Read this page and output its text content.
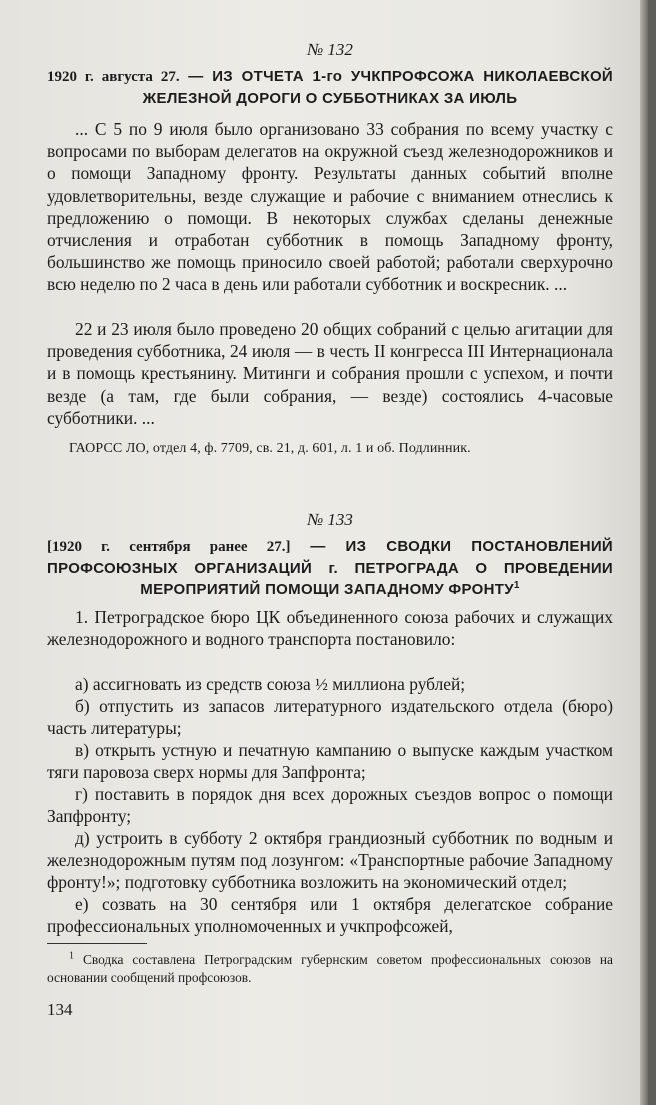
№ 132
1920 г. августа 27. — ИЗ ОТЧЕТА 1-го УЧКПРОФСОЖА НИКОЛАЕВСКОЙ ЖЕЛЕЗНОЙ ДОРОГИ О СУББОТНИКАХ ЗА ИЮЛЬ
... С 5 по 9 июля было организовано 33 собрания по всему участку с вопросами по выборам делегатов на окружной съезд железнодорожников и о помощи Западному фронту. Результаты данных событий вполне удовлетворительны, везде служащие и рабочие с вниманием отнеслись к предложению о помощи. В некоторых службах сделаны денежные отчисления и отработан субботник в помощь Западному фронту, большинство же помощь приносило своей работой; работали сверхурочно всю неделю по 2 часа в день или работали субботник и воскресник. ...
22 и 23 июля было проведено 20 общих собраний с целью агитации для проведения субботника, 24 июля — в честь II конгресса III Интернационала и в помощь крестьянину. Митинги и собрания прошли с успехом, и почти везде (а там, где были собрания, — везде) состоялись 4-часовые субботники. ...
ГАОРСС ЛО, отдел 4, ф. 7709, св. 21, д. 601, л. 1 и об. Подлинник.
№ 133
[1920 г. сентября ранее 27.] — ИЗ СВОДКИ ПОСТАНОВЛЕНИЙ ПРОФСОЮЗНЫХ ОРГАНИЗАЦИЙ г. ПЕТРОГРАДА О ПРОВЕДЕНИИ МЕРОПРИЯТИЙ ПОМОЩИ ЗАПАДНОМУ ФРОНТУ$^1$
1. Петроградское бюро ЦК объединенного союза рабочих и служащих железнодорожного и водного транспорта постановило:
а) ассигновать из средств союза ½ миллиона рублей;
б) отпустить из запасов литературного издательского отдела (бюро) часть литературы;
в) открыть устную и печатную кампанию о выпуске каждым участком тяги паровоза сверх нормы для Запфронта;
г) поставить в порядок дня всех дорожных съездов вопрос о помощи Запфронту;
д) устроить в субботу 2 октября грандиозный субботник по водным и железнодорожным путям под лозунгом: «Транспортные рабочие Западному фронту!»; подготовку субботника возложить на экономический отдел;
е) созвать на 30 сентября или 1 октября делегатское собрание профессиональных уполномоченных и учкпрофсожей,
$^1$ Сводка составлена Петроградским губернским советом профессиональных союзов на основании сообщений профсоюзов.
134
